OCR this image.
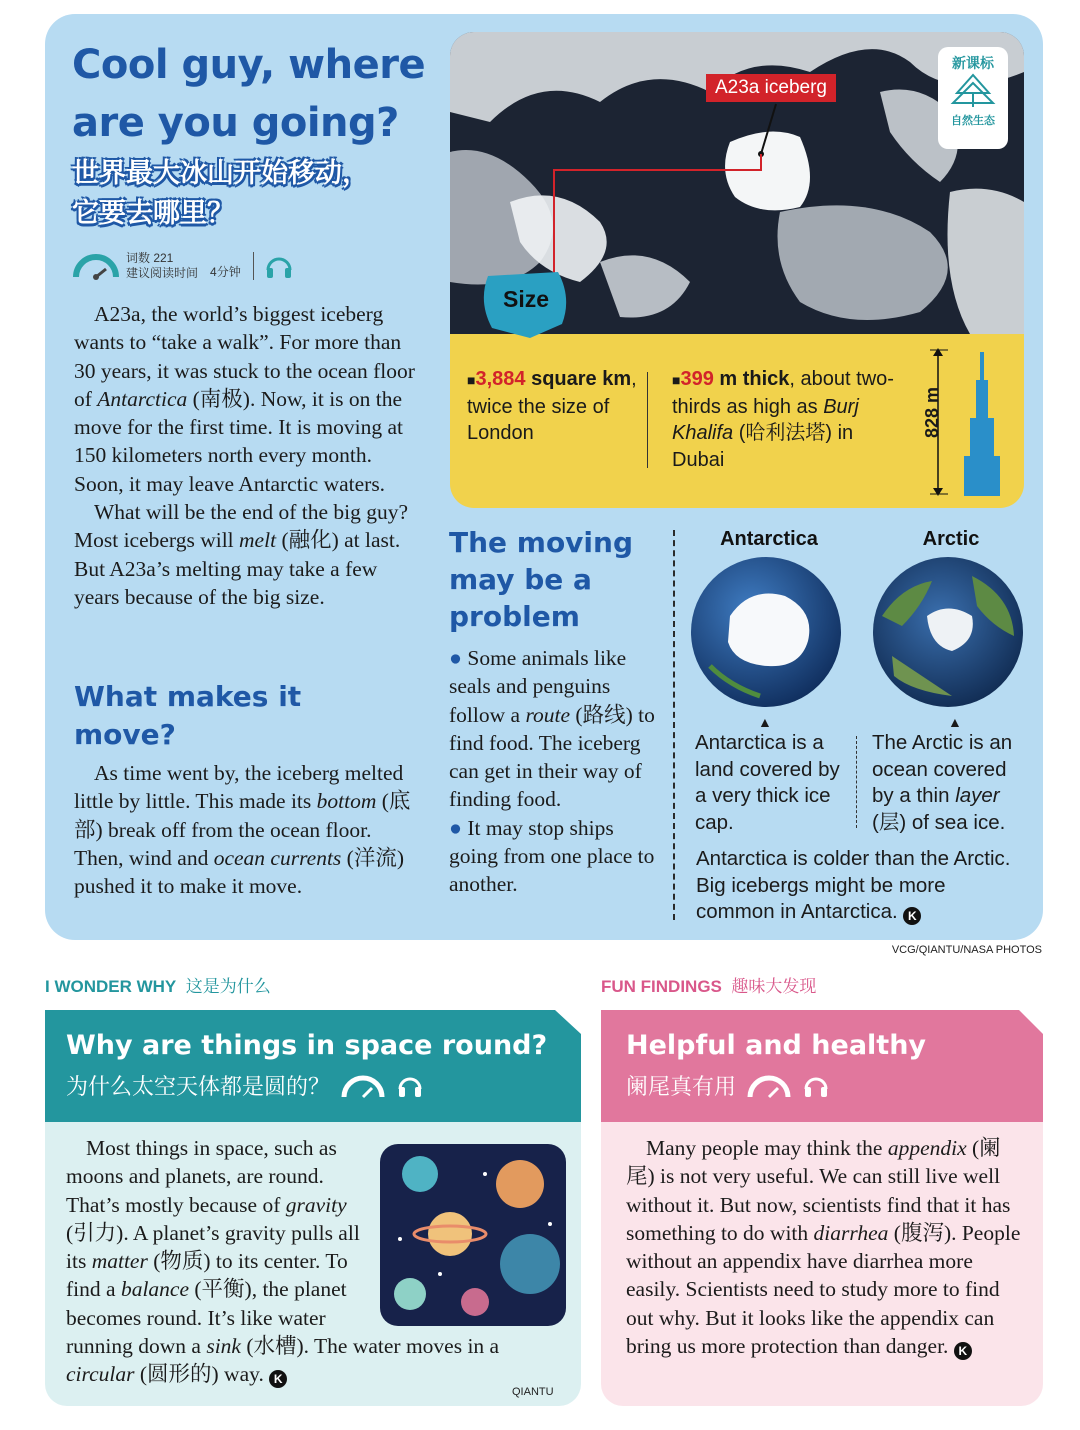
Cool guy, where are you going?
世界最大冰山开始移动，它要去哪里？
词数 221
建议阅读时间 4分钟

A23a, the world’s biggest iceberg wants to “take a walk”. For more than 30 years, it was stuck to the ocean floor of Antarctica (南极). Now, it is on the move for the first time. It is moving at 150 kilometers north every month. Soon, it may leave Antarctic waters.

What will be the end of the big guy? Most icebergs will melt (融化) at last. But A23a’s melting may take a few years because of the big size.

What makes it move?

As time went by, the iceberg melted little by little. This made its bottom (底部) break off from the ocean floor. Then, wind and ocean currents (洋流) pushed it to make it move.

A23a iceberg
新课标
自然生态
Size
■3,884 square km, twice the size of London
■399 m thick, about two-thirds as high as Burj Khalifa (哈利法塔) in Dubai
828 m
The moving may be a problem
● Some animals like seals and penguins follow a route (路线) to find food. The iceberg can get in their way of finding food.
● It may stop ships going from one place to another.
Antarctica	Arctic
▲	▲
Antarctica is a land covered by a very thick ice cap.
The Arctic is an ocean covered by a thin layer (层) of sea ice.
Antarctica is colder than the Arctic. Big icebergs might be more common in Antarctica. K
VCG/QIANTU/NASA PHOTOS
I WONDER WHY 这是为什么
Why are things in space round?
为什么太空天体都是圆的？

Most things in space, such as moons and planets, are round. That’s mostly because of gravity (引力). A planet’s gravity pulls all its matter (物质) to its center. To find a balance (平衡), the planet becomes round. It’s like water running down a sink (水槽). The water moves in a circular (圆形的) way. K

QIANTU
FUN FINDINGS 趣味大发现
Helpful and healthy
阑尾真有用

Many people may think the appendix (阑尾) is not very useful. We can still live well without it. But now, scientists find that it has something to do with diarrhea (腹泻). People without an appendix have diarrhea more easily. Scientists need to study more to find out why. But it looks like the appendix can bring us more protection than danger. K
